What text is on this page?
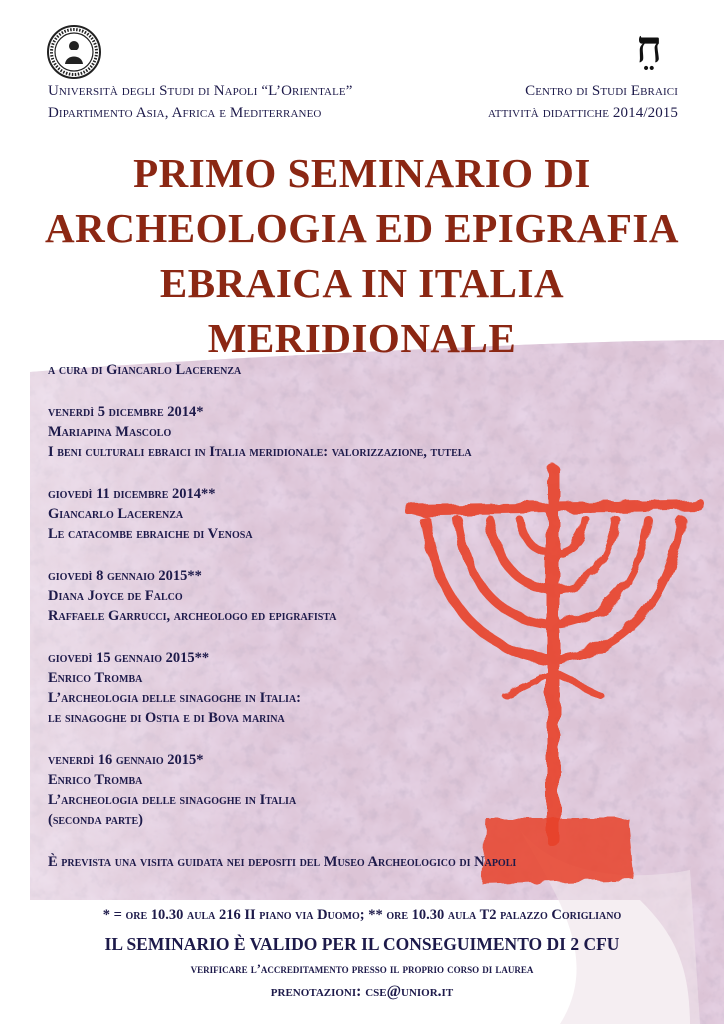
חֵ
Università degli Studi di Napoli “L’Orientale”
Dipartimento Asia, Africa e Mediterraneo
Centro di Studi Ebraici
attività didattiche 2014/2015
PRIMO SEMINARIO DI
ARCHEOLOGIA ED EPIGRAFIA
EBRAICA IN ITALIA
MERIDIONALE
a cura di Giancarlo Lacerenza
venerdì 5 dicembre 2014*
Mariapina Mascolo
I beni culturali ebraici in Italia meridionale: valorizzazione, tutela
giovedì 11 dicembre 2014**
Giancarlo Lacerenza
Le catacombe ebraiche di Venosa
giovedì 8 gennaio 2015**
Diana Joyce de Falco
Raffaele Garrucci, archeologo ed epigrafista
giovedì 15 gennaio 2015**
Enrico Tromba
L’archeologia delle sinagoghe in Italia:
le sinagoghe di Ostia e di Bova marina
venerdì 16 gennaio 2015*
Enrico Tromba
L’archeologia delle sinagoghe in Italia
(seconda parte)
È prevista una visita guidata nei depositi del Museo Archeologico di Napoli
* = ore 10.30 aula 216 II piano via Duomo; ** ore 10.30 aula T2 palazzo Corigliano
IL SEMINARIO È VALIDO PER IL CONSEGUIMENTO DI 2 CFU
verificare l’accreditamento presso il proprio corso di laurea
prenotazioni: cse@unior.it
